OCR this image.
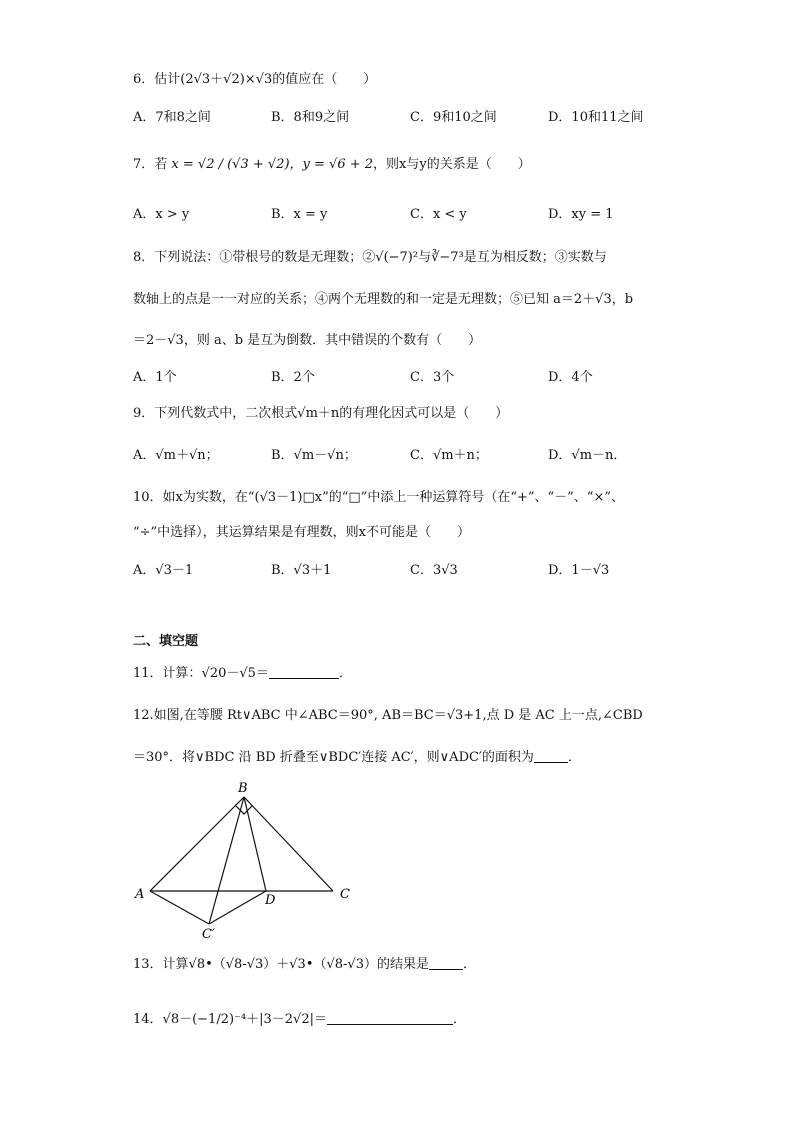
6．估计(2√3＋√2)×√3的值应在（　　）
A．7和8之间	B．8和9之间	C．9和10之间	D．10和11之间
7．若 x = √2 / (√3 + √2)，y = √6 + 2，则x与y的关系是（　　）
A．x > y	B．x = y	C．x < y	D．xy = 1
8．下列说法：①带根号的数是无理数；②√(−7)²与∛−7³是互为相反数；③实数与
数轴上的点是一一对应的关系；④两个无理数的和一定是无理数；⑤已知 a＝2＋√3，b
＝2－√3，则 a、b 是互为倒数．其中错误的个数有（　　）
A．1个	B．2个	C．3个	D．4个
9．下列代数式中，二次根式√m＋n的有理化因式可以是（　　）
A．√m＋√n；	B．√m－√n；	C．√m＋n；	D．√m－n．
10．如x为实数，在“(√3－1)□x”的“□”中添上一种运算符号（在“+”、“－”、“×”、
“÷”中选择），其运算结果是有理数，则x不可能是（　　）
A．√3－1	B．√3＋1	C．3√3	D．1－√3
二、填空题
11．计算：√20－√5＝	．
12.如图,在等腰 Rt∨ABC 中∠ABC＝90°, AB＝BC＝√3+1,点 D 是 AC 上一点,∠CBD
＝30°．将∨BDC 沿 BD 折叠至∨BDC′连接 AC′，则∨ADC′的面积为	．
B
A	D	C
C′
13．计算√8•（√8-√3）＋√3•（√8-√3）的结果是	．
14．√8－(−1/2)⁻⁴＋|3－2√2|＝	．
